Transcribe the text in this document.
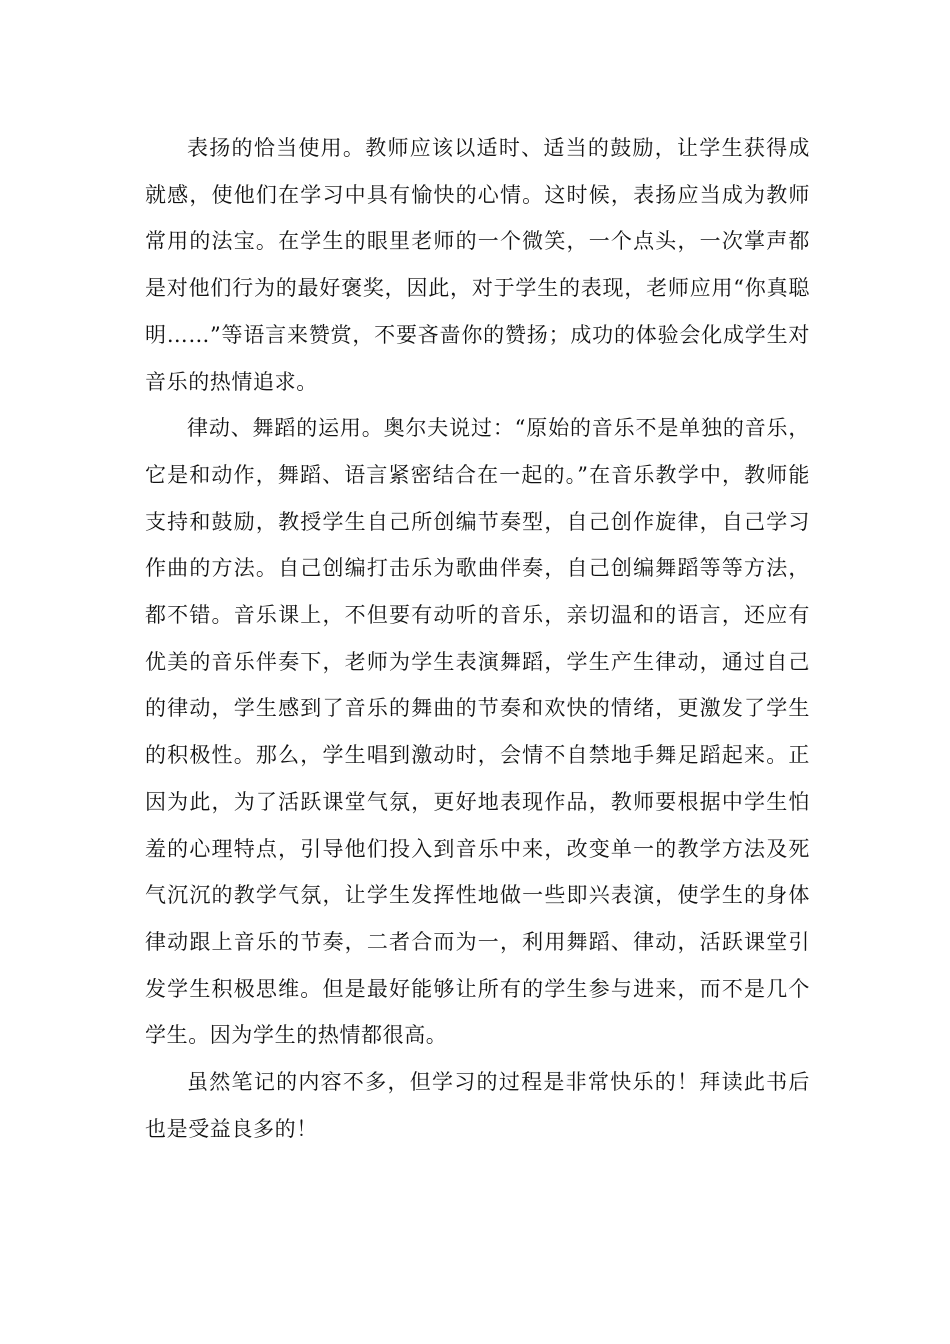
表扬的恰当使用。教师应该以适时、适当的鼓励，让学生获得成就感，使他们在学习中具有愉快的心情。这时候，表扬应当成为教师常用的法宝。在学生的眼里老师的一个微笑，一个点头，一次掌声都是对他们行为的最好褒奖，因此，对于学生的表现，老师应用“你真聪明……”等语言来赞赏，不要吝啬你的赞扬；成功的体验会化成学生对音乐的热情追求。

律动、舞蹈的运用。奥尔夫说过：“原始的音乐不是单独的音乐，它是和动作，舞蹈、语言紧密结合在一起的。”在音乐教学中，教师能支持和鼓励，教授学生自己所创编节奏型，自己创作旋律，自己学习作曲的方法。自己创编打击乐为歌曲伴奏，自己创编舞蹈等等方法，都不错。音乐课上，不但要有动听的音乐，亲切温和的语言，还应有优美的音乐伴奏下，老师为学生表演舞蹈，学生产生律动，通过自己的律动，学生感到了音乐的舞曲的节奏和欢快的情绪，更激发了学生的积极性。那么，学生唱到激动时，会情不自禁地手舞足蹈起来。正因为此，为了活跃课堂气氛，更好地表现作品，教师要根据中学生怕羞的心理特点，引导他们投入到音乐中来，改变单一的教学方法及死气沉沉的教学气氛，让学生发挥性地做一些即兴表演，使学生的身体律动跟上音乐的节奏，二者合而为一，利用舞蹈、律动，活跃课堂引发学生积极思维。但是最好能够让所有的学生参与进来，而不是几个学生。因为学生的热情都很高。

虽然笔记的内容不多，但学习的过程是非常快乐的！拜读此书后也是受益良多的！
